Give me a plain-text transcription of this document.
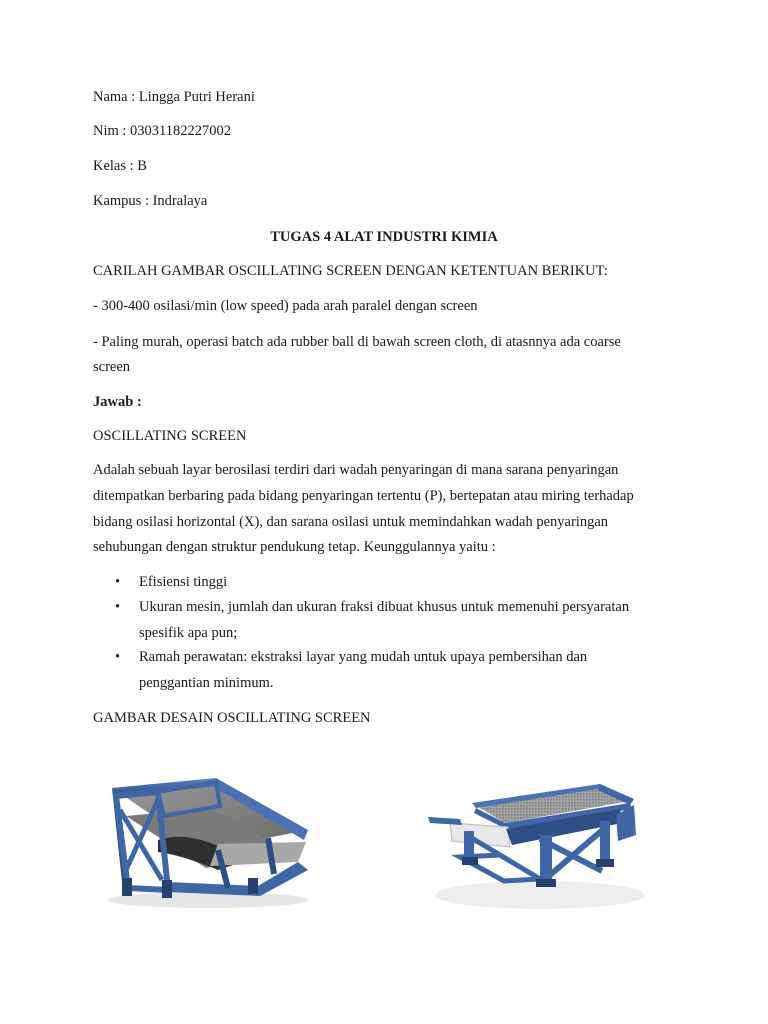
Nama : Lingga Putri Herani
Nim : 03031182227002
Kelas : B
Kampus : Indralaya
TUGAS 4 ALAT INDUSTRI KIMIA
CARILAH GAMBAR OSCILLATING SCREEN DENGAN KETENTUAN BERIKUT:
- 300-400 osilasi/min (low speed) pada arah paralel dengan screen
- Paling murah, operasi batch ada rubber ball di bawah screen cloth, di atasnnya ada coarse
screen
Jawab :
OSCILLATING SCREEN
Adalah sebuah layar berosilasi terdiri dari wadah penyaringan di mana sarana penyaringan
ditempatkan berbaring pada bidang penyaringan tertentu (P), bertepatan atau miring terhadap
bidang osilasi horizontal (X), dan sarana osilasi untuk memindahkan wadah penyaringan
sehubungan dengan struktur pendukung tetap. Keunggulannya yaitu :
• Efisiensi tinggi
• Ukuran mesin, jumlah dan ukuran fraksi dibuat khusus untuk memenuhi persyaratan
spesifik apa pun;
• Ramah perawatan: ekstraksi layar yang mudah untuk upaya pembersihan dan
penggantian minimum.
GAMBAR DESAIN OSCILLATING SCREEN
